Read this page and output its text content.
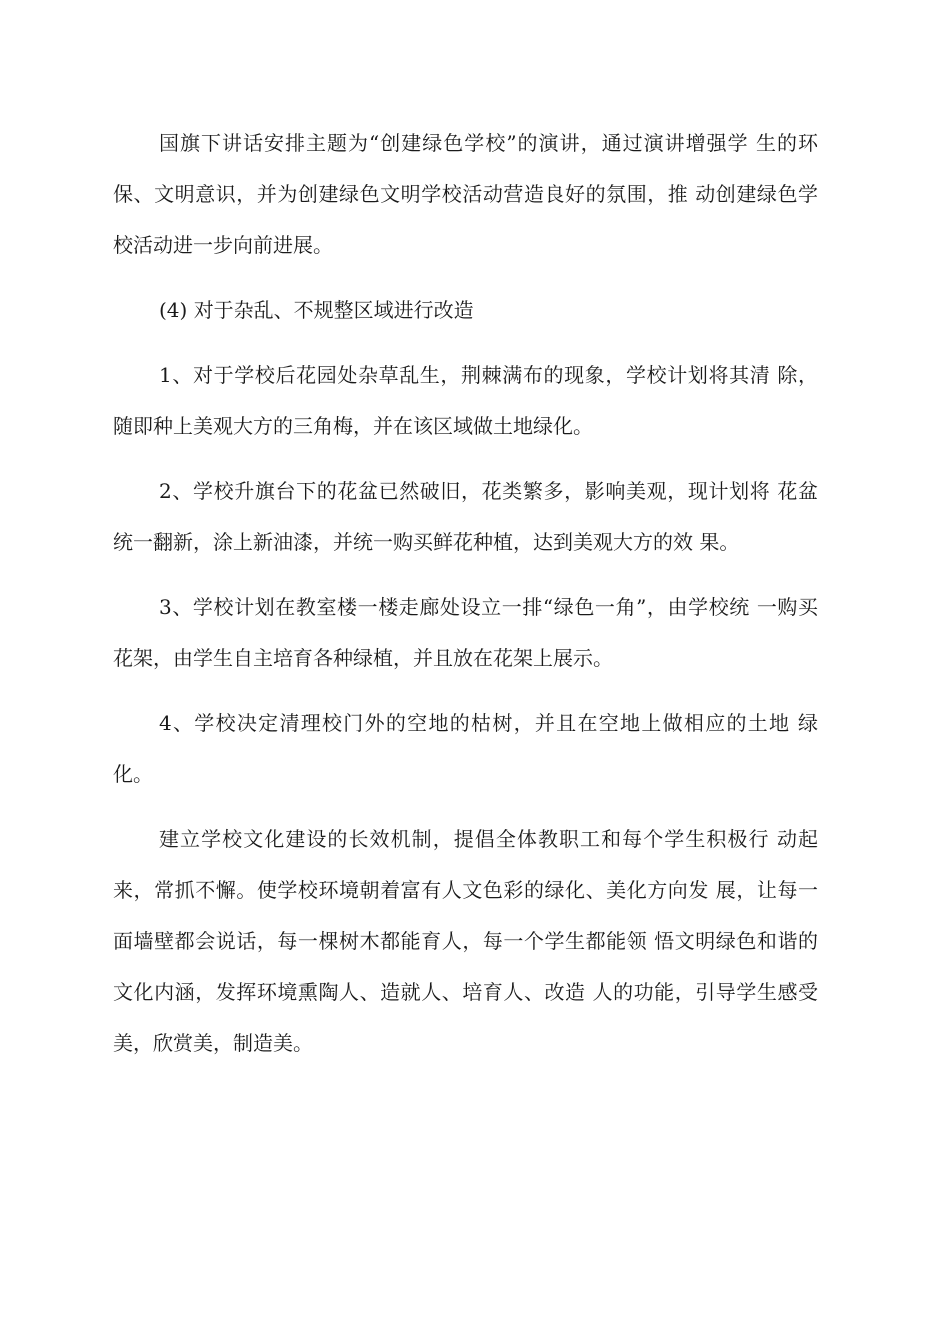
国旗下讲话安排主题为“创建绿色学校”的演讲，通过演讲增强学 生的环保、文明意识，并为创建绿色文明学校活动营造良好的氛围，推 动创建绿色学校活动进一步向前进展。

(4) 对于杂乱、不规整区域进行改造

1、对于学校后花园处杂草乱生，荆棘满布的现象，学校计划将其清 除，随即种上美观大方的三角梅，并在该区域做土地绿化。

2、学校升旗台下的花盆已然破旧，花类繁多，影响美观，现计划将 花盆统一翻新，涂上新油漆，并统一购买鲜花种植，达到美观大方的效 果。

3、学校计划在教室楼一楼走廊处设立一排“绿色一角”，由学校统 一购买花架，由学生自主培育各种绿植，并且放在花架上展示。

4、学校决定清理校门外的空地的枯树，并且在空地上做相应的土地 绿化。

建立学校文化建设的长效机制，提倡全体教职工和每个学生积极行 动起来，常抓不懈。使学校环境朝着富有人文色彩的绿化、美化方向发 展，让每一面墙壁都会说话，每一棵树木都能育人，每一个学生都能领 悟文明绿色和谐的文化内涵，发挥环境熏陶人、造就人、培育人、改造 人的功能，引导学生感受美，欣赏美，制造美。
